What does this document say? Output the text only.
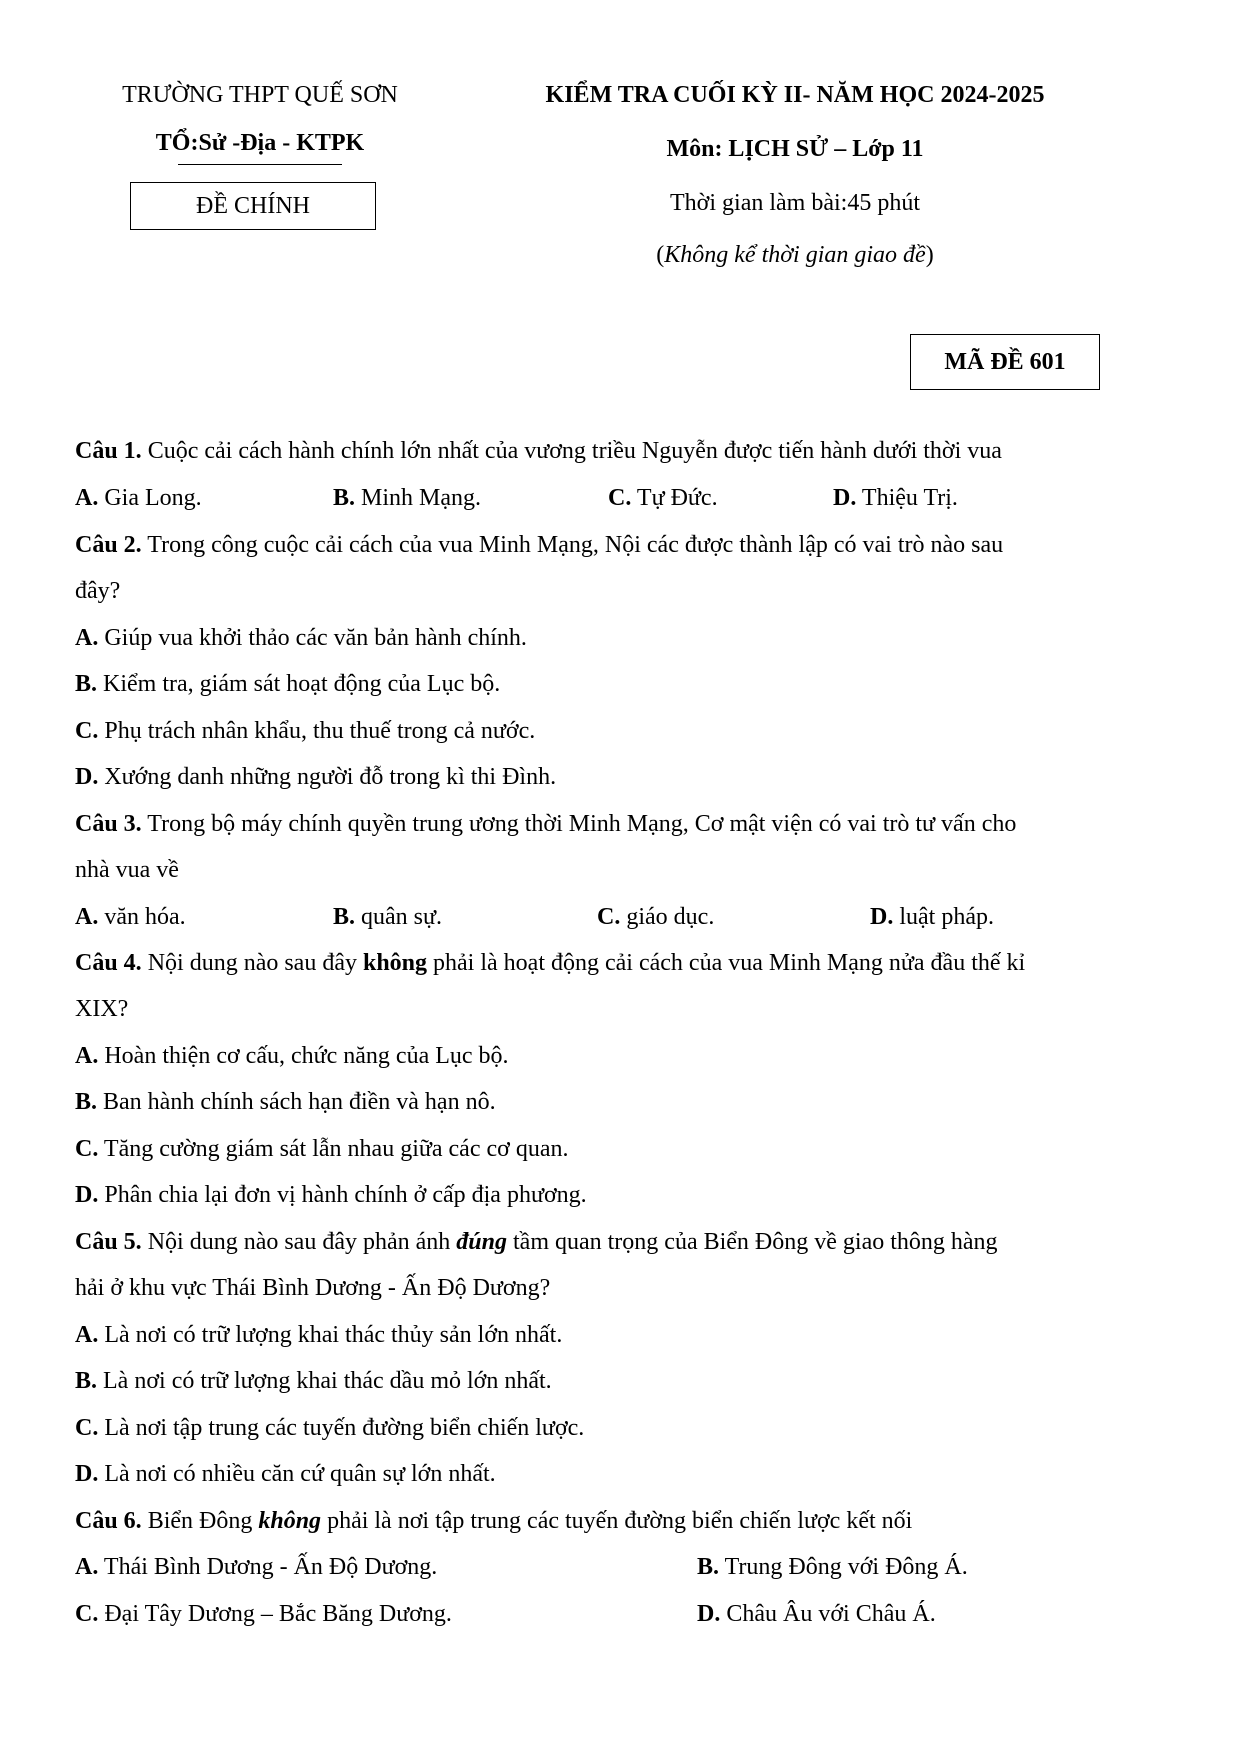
TRƯỜNG THPT QUẾ SƠN
TỔ:Sử -Địa - KTPK
ĐỀ CHÍNH
KIỂM TRA CUỐI KỲ II- NĂM HỌC 2024-2025
Môn: LỊCH SỬ – Lớp 11
Thời gian làm bài:45 phút
(Không kể thời gian giao đề)
MÃ ĐỀ 601
Câu 1. Cuộc cải cách hành chính lớn nhất của vương triều Nguyễn được tiến hành dưới thời vua
A. Gia Long.	B. Minh Mạng.	C. Tự Đức.	D. Thiệu Trị.
Câu 2. Trong công cuộc cải cách của vua Minh Mạng, Nội các được thành lập có vai trò nào sau
đây?
A. Giúp vua khởi thảo các văn bản hành chính.
B. Kiểm tra, giám sát hoạt động của Lục bộ.
C. Phụ trách nhân khẩu, thu thuế trong cả nước.
D. Xướng danh những người đỗ trong kì thi Đình.
Câu 3. Trong bộ máy chính quyền trung ương thời Minh Mạng, Cơ mật viện có vai trò tư vấn cho
nhà vua về
A. văn hóa.	B. quân sự.	C. giáo dục.	D. luật pháp.
Câu 4. Nội dung nào sau đây không phải là hoạt động cải cách của vua Minh Mạng nửa đầu thế kỉ
XIX?
A. Hoàn thiện cơ cấu, chức năng của Lục bộ.
B. Ban hành chính sách hạn điền và hạn nô.
C. Tăng cường giám sát lẫn nhau giữa các cơ quan.
D. Phân chia lại đơn vị hành chính ở cấp địa phương.
Câu 5. Nội dung nào sau đây phản ánh đúng tầm quan trọng của Biển Đông về giao thông hàng
hải ở khu vực Thái Bình Dương - Ấn Độ Dương?
A. Là nơi có trữ lượng khai thác thủy sản lớn nhất.
B. Là nơi có trữ lượng khai thác dầu mỏ lớn nhất.
C. Là nơi tập trung các tuyến đường biển chiến lược.
D. Là nơi có nhiều căn cứ quân sự lớn nhất.
Câu 6. Biển Đông không phải là nơi tập trung các tuyến đường biển chiến lược kết nối
A. Thái Bình Dương - Ấn Độ Dương.	B. Trung Đông với Đông Á.
C. Đại Tây Dương – Bắc Băng Dương.	D. Châu Âu với Châu Á.
